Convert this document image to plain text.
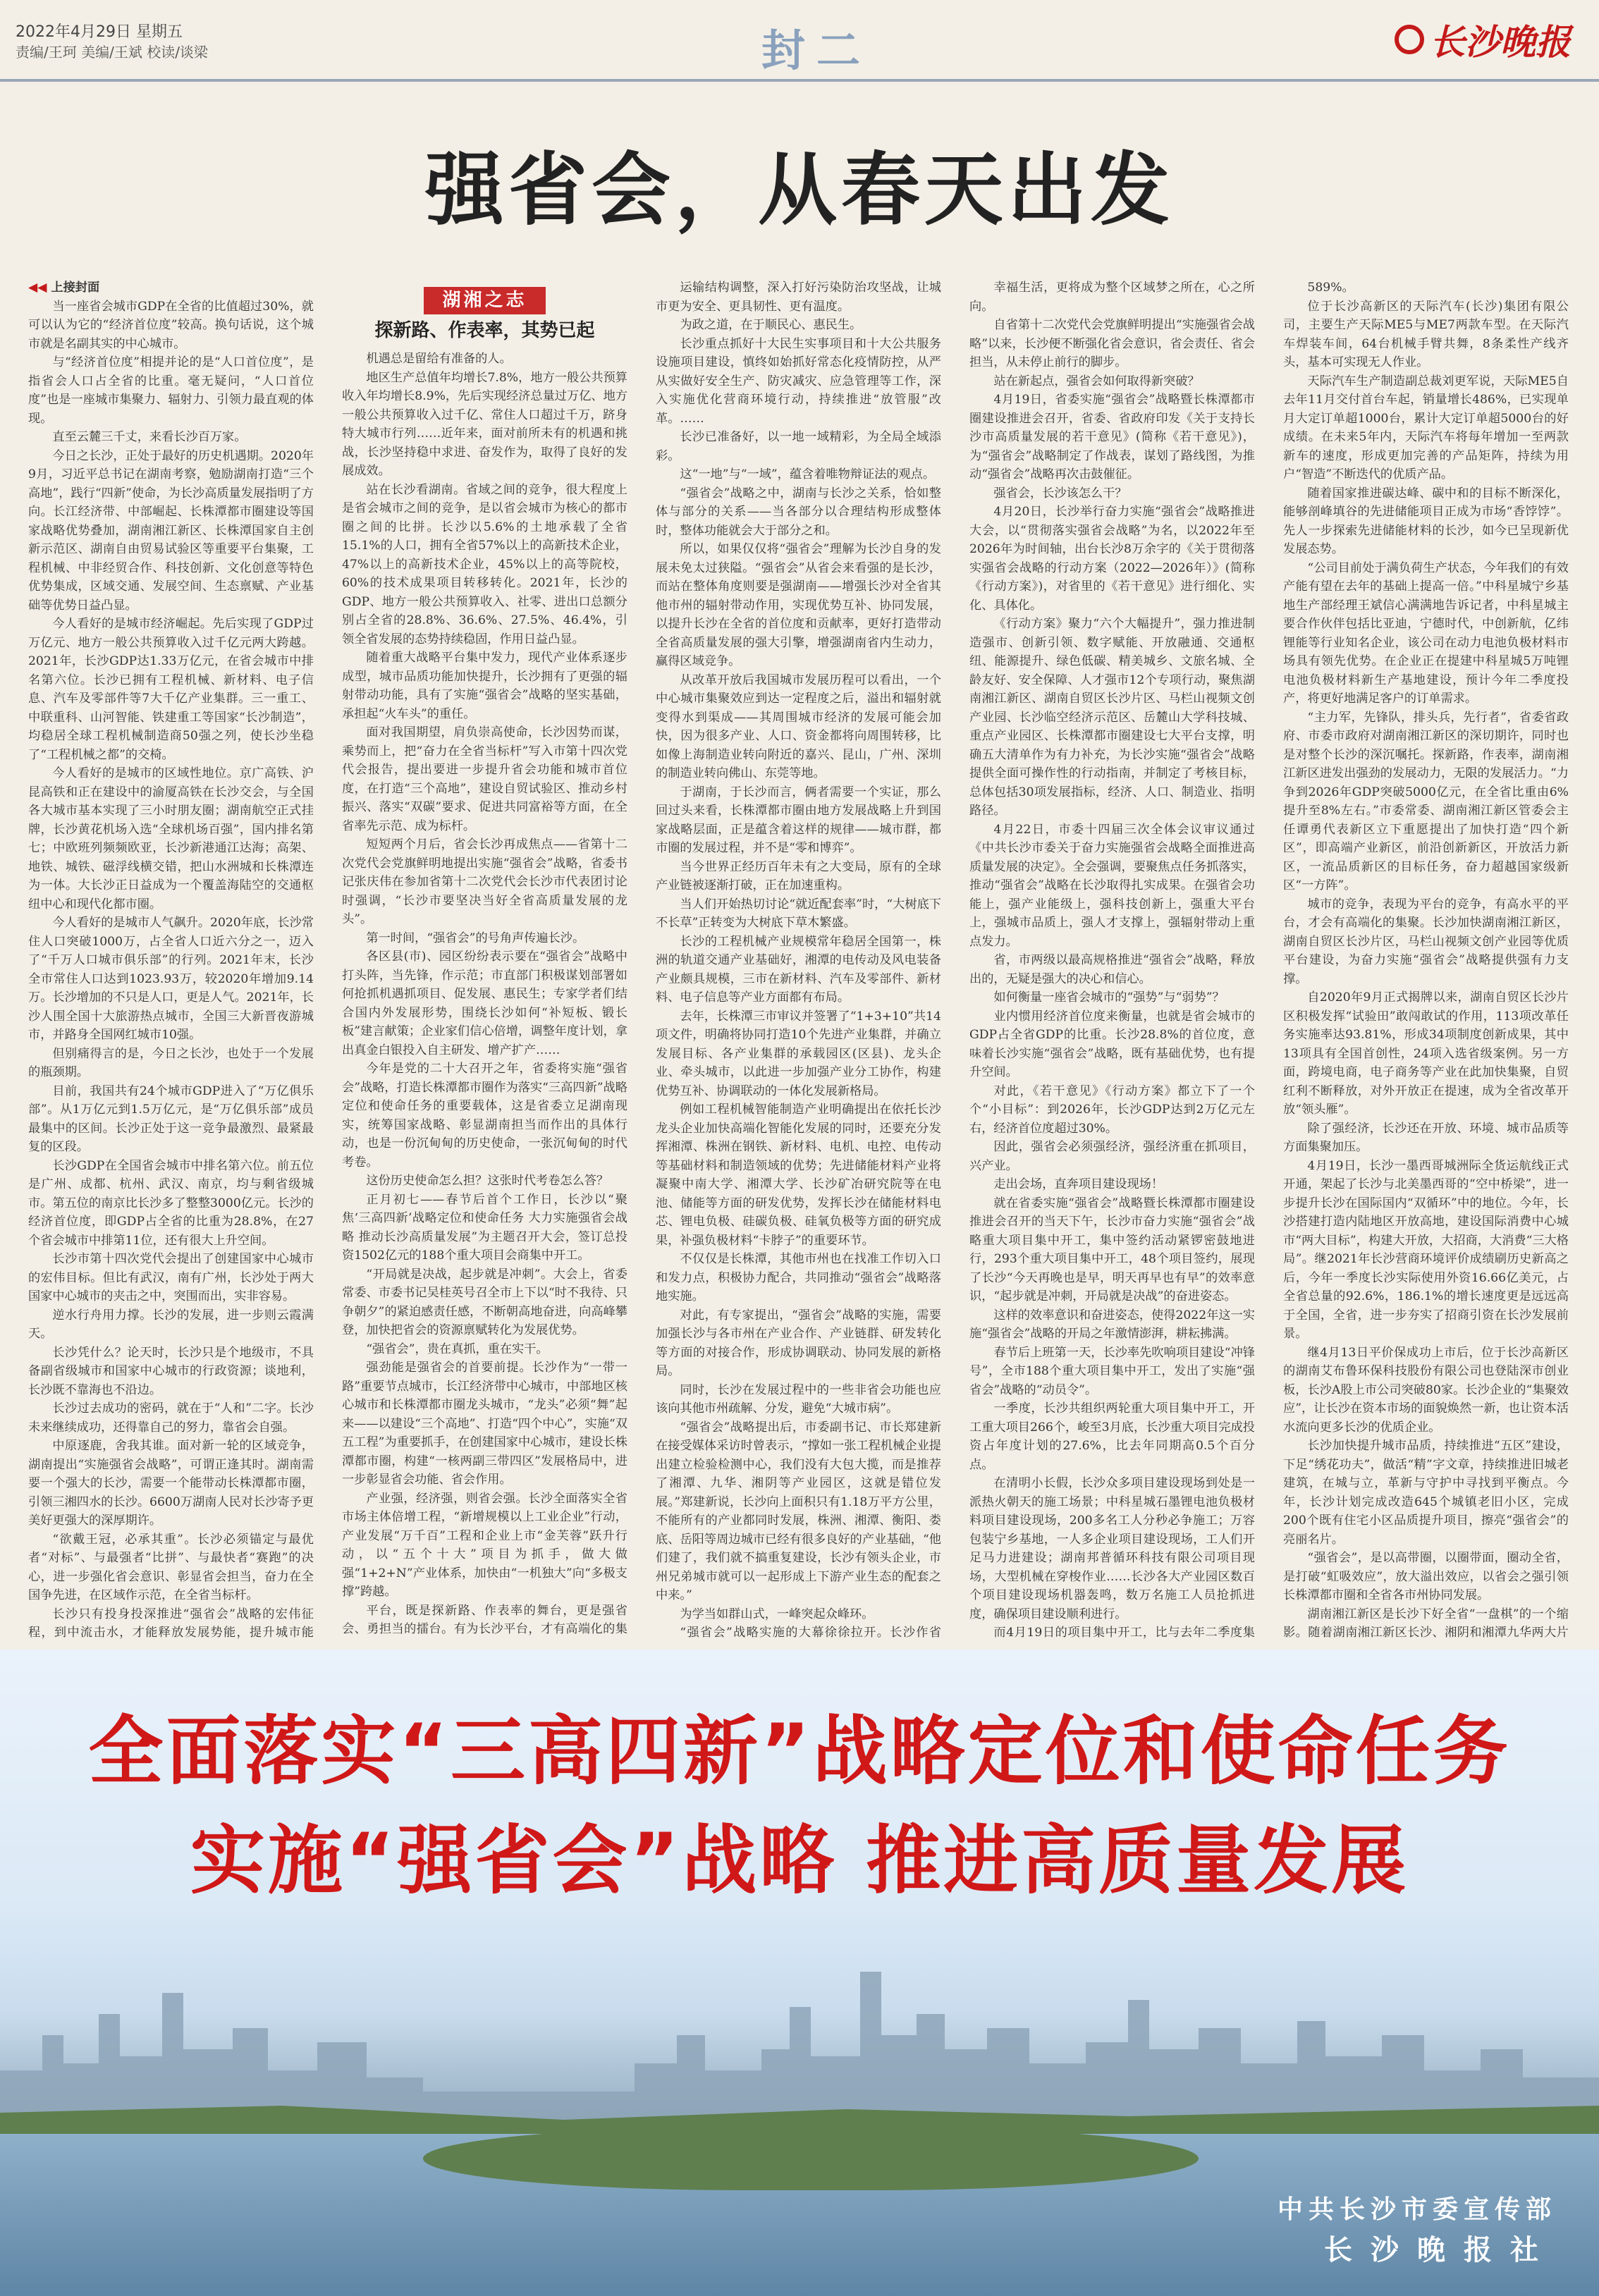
2022年4月29日 星期五
责编/王珂 美编/王斌 校读/谈梁	封二	长沙晚报
强省会，从春天出发

◀◀ 上接封面

当一座省会城市GDP在全省的比值超过30%，就可以认为它的“经济首位度”较高。换句话说，这个城市就是名副其实的中心城市。

与“经济首位度”相提并论的是“人口首位度”，是指省会人口占全省的比重。毫无疑问，“人口首位度”也是一座城市集聚力、辐射力、引领力最直观的体现。

直至云麓三千丈，来看长沙百万家。

今日之长沙，正处于最好的历史机遇期。2020年9月，习近平总书记在湖南考察，勉励湖南打造“三个高地”，践行“四新”使命，为长沙高质量发展指明了方向。长江经济带、中部崛起、长株潭都市圈建设等国家战略优势叠加，湖南湘江新区、长株潭国家自主创新示范区、湖南自由贸易试验区等重要平台集聚，工程机械、中非经贸合作、科技创新、文化创意等特色优势集成，区域交通、发展空间、生态禀赋、产业基础等优势日益凸显。

今人看好的是城市经济崛起。先后实现了GDP过万亿元、地方一般公共预算收入过千亿元两大跨越。2021年，长沙GDP达1.33万亿元，在省会城市中排名第六位。长沙已拥有工程机械、新材料、电子信息、汽车及零部件等7大千亿产业集群。三一重工、中联重科、山河智能、铁建重工等国家“长沙制造”，均稳居全球工程机械制造商50强之列，使长沙坐稳了“工程机械之都”的交椅。

今人看好的是城市的区域性地位。京广高铁、沪昆高铁和正在建设中的渝厦高铁在长沙交会，与全国各大城市基本实现了三小时朋友圈；湖南航空正式挂牌，长沙黄花机场入选“全球机场百强”，国内排名第七；中欧班列频频欧亚，长沙新港通江达海；高架、地铁、城铁、磁浮线横交错，把山水洲城和长株潭连为一体。大长沙正日益成为一个覆盖海陆空的交通枢纽中心和现代化都市圈。

今人看好的是城市人气飙升。2020年底，长沙常住人口突破1000万，占全省人口近六分之一，迈入了“千万人口城市俱乐部”的行列。2021年末，长沙全市常住人口达到1023.93万，较2020年增加9.14万。长沙增加的不只是人口，更是人气。2021年，长沙人围全国十大旅游热点城市，全国三大新晋夜游城市，并路身全国网红城市10强。

但别痛得言的是，今日之长沙，也处于一个发展的瓶颈期。

目前，我国共有24个城市GDP进入了“万亿俱乐部”。从1万亿元到1.5万亿元，是“万亿俱乐部”成员最集中的区间。长沙正处于这一竞争最激烈、最紧最复的区段。

长沙GDP在全国省会城市中排名第六位。前五位是广州、成都、杭州、武汉、南京，均与剩省级城市。第五位的南京比长沙多了整整3000亿元。长沙的经济首位度，即GDP占全省的比重为28.8%，在27个省会城市中排第11位，还有很大上升空间。

长沙市第十四次党代会提出了创建国家中心城市的宏伟目标。但比有武汉，南有广州，长沙处于两大国家中心城市的夹击之中，突围而出，实非容易。

逆水行舟用力撑。长沙的发展，进一步则云霞满天。

长沙凭什么？论天时，长沙只是个地级市，不具备副省级城市和国家中心城市的行政资源；谈地利，长沙既不靠海也不沿边。

长沙过去成功的密码，就在于“人和”二字。长沙未来继续成功，还得靠自己的努力，靠省会自强。

中原逐鹿，舍我其谁。面对新一轮的区域竞争，湖南提出“实施强省会战略”，可谓正逢其时。湖南需要一个强大的长沙，需要一个能带动长株潭都市圈，引领三湘四水的长沙。6600万湖南人民对长沙寄予更美好更强大的深厚期许。

“欲戴王冠，必承其重”。长沙必须锚定与最优者“对标”、与最强者“比拼”、与最快者“赛跑”的决心，进一步强化省会意识、彰显省会担当，奋力在全国争先进，在区域作示范，在全省当标杆。

长沙只有投身投深推进“强省会”战略的宏伟征程，到中流击水，才能释放发展势能，提升城市能

湖湘之志
探新路、作表率，其势已起

机遇总是留给有准备的人。

地区生产总值年均增长7.8%，地方一般公共预算收入年均增长8.9%，先后实现经济总量过万亿、地方一般公共预算收入过千亿、常住人口超过千万，跻身特大城市行列……近年来，面对前所未有的机遇和挑战，长沙坚持稳中求进、奋发作为，取得了良好的发展成效。

站在长沙看湖南。省域之间的竞争，很大程度上是省会城市之间的竞争，是以省会城市为核心的都市圈之间的比拼。长沙以5.6%的土地承载了全省15.1%的人口，拥有全省57%以上的高新技术企业，47%以上的高新技术企业，45%以上的高等院校，60%的技术成果项目转移转化。2021年，长沙的GDP、地方一般公共预算收入、社零、进出口总额分别占全省的28.8%、36.6%、27.5%、46.4%，引领全省发展的态势持续稳固，作用日益凸显。

随着重大战略平台集中发力，现代产业体系逐步成型，城市品质功能加快提升，长沙拥有了更强的辐射带动功能，具有了实施“强省会”战略的坚实基础，承担起“火车头”的重任。

面对我国期望，肩负崇高使命，长沙因势而谋，乘势而上，把“奋力在全省当标杆”写入市第十四次党代会报告，提出要进一步提升省会功能和城市首位度，在打造“三个高地”，建设自贸试验区、推动乡村振兴、落实“双碳”要求、促进共同富裕等方面，在全省率先示范、成为标杆。

短短两个月后，省会长沙再成焦点——省第十二次党代会党旗鲜明地提出实施“强省会”战略，省委书记张庆伟在参加省第十二次党代会长沙市代表团讨论时强调，“长沙市要坚决当好全省高质量发展的龙头”。

第一时间，“强省会”的号角声传遍长沙。

各区县(市)、园区纷纷表示要在“强省会”战略中打头阵，当先锋，作示范；市直部门积极谋划部署如何抢抓机遇抓项目、促发展、惠民生；专家学者们结合国内外发展形势，围绕长沙如何“补短板、锻长板”建言献策；企业家们信心倍增，调整年度计划，拿出真金白银投入自主研发、增产扩产……

今年是党的二十大召开之年，省委将实施“强省会”战略，打造长株潭都市圈作为落实“三高四新”战略定位和使命任务的重要载体，这是省委立足湖南现实，统筹国家战略、彰显湖南担当而作出的具体行动，也是一份沉甸甸的历史使命，一张沉甸甸的时代考卷。

这份历史使命怎么担？这张时代考卷怎么答？

正月初七——春节后首个工作日，长沙以“聚焦‘三高四新’战略定位和使命任务 大力实施强省会战略 推动长沙高质量发展”为主题召开大会，签订总投资1502亿元的188个重大项目会商集中开工。

“开局就是决战，起步就是冲刺”。大会上，省委常委、市委书记吴桂英号召全市上下以“时不我待、只争朝夕”的紧迫感责任感，不断朝高地奋进，向高峰攀登，加快把省会的资源禀赋转化为发展优势。

“强省会”，贵在真抓，重在实干。

强劲能是强省会的首要前提。长沙作为“一带一路”重要节点城市，长江经济带中心城市，中部地区核心城市和长株潭都市圈龙头城市，“龙头”必须“舞”起来——以建设“三个高地”、打造“四个中心”，实施“双五工程”为重要抓手，在创建国家中心城市，建设长株潭都市圈，构建“一核两副三带四区”发展格局中，进一步彰显省会功能、省会作用。

产业强，经济强，则省会强。长沙全面落实全省市场主体倍增工程，“新增规模以上工业企业”行动，产业发展“万千百”工程和企业上市“金芙蓉”跃升行动，以“五个十大”项目为抓手，做大做强“1+2+N”产业体系，加快由“一机独大”向“多极支撑”跨越。

平台，既是探新路、作表率的舞台，更是强省会、勇担当的擂台。有为长沙平台，才有高端化的集

运输结构调整，深入打好污染防治攻坚战，让城市更为安全、更具韧性、更有温度。

为政之道，在于顺民心、惠民生。

长沙重点抓好十大民生实事项目和十大公共服务设施项目建设，慎终如始抓好常态化疫情防控，从严从实做好安全生产、防灾减灾、应急管理等工作，深入实施优化营商环境行动，持续推进“放管服”改革。……

长沙已准备好，以一地一域精彩，为全局全域添彩。

这“一地”与“一域”，蕴含着唯物辩证法的观点。

“强省会”战略之中，湖南与长沙之关系，恰如整体与部分的关系——当各部分以合理结构形成整体时，整体功能就会大于部分之和。

所以，如果仅仅将“强省会”理解为长沙自身的发展未免太过狭隘。“强省会”从省会来看强的是长沙，而站在整体角度则要是强湖南——增强长沙对全省其他市州的辐射带动作用，实现优势互补、协同发展，以提升长沙在全省的首位度和贡献率，更好打造带动全省高质量发展的强大引擎，增强湖南省内生动力，赢得区域竞争。

从改革开放后我国城市发展历程可以看出，一个中心城市集聚效应到达一定程度之后，溢出和辐射就变得水到渠成——其周围城市经济的发展可能会加快，因为很多产业、人口、资金都将向周围转移，比如像上海制造业转向附近的嘉兴、昆山，广州、深圳的制造业转向佛山、东莞等地。

于湖南，于长沙而言，俩者需要一个实证，那么回过头来看，长株潭都市圈由地方发展战略上升到国家战略层面，正是蕴含着这样的规律——城市群，都市圈的发展过程，并不是“零和博弈”。

当今世界正经历百年未有之大变局，原有的全球产业链被逐渐打破，正在加速重构。

当人们开始热切讨论“就近配套率”时，“大树底下不长草”正转变为大树底下草木繁盛。

长沙的工程机械产业规模常年稳居全国第一，株洲的轨道交通产业基础好，湘潭的电传动及风电装备产业颇具规模，三市在新材料、汽车及零部件、新材料、电子信息等产业方面都有布局。

去年，长株潭三市审议并签署了“1+3+10”共14项文件，明确将协同打造10个先进产业集群，并确立发展目标、各产业集群的承载园区(区县)、龙头企业、牵头城市，以此进一步加强产业分工协作，构建优势互补、协调联动的一体化发展新格局。

例如工程机械智能制造产业明确提出在依托长沙龙头企业加快高端化智能化发展的同时，还要充分发挥湘潭、株洲在钢铁、新材料、电机、电控、电传动等基础材料和制造领域的优势；先进储能材料产业将凝聚中南大学、湘潭大学、长沙矿冶研究院等在电池、储能等方面的研发优势，发挥长沙在储能材料电芯、锂电负极、硅碳负极、硅氧负极等方面的研究成果，补强负极材料“卡脖子”的重要环节。

不仅仅是长株潭，其他市州也在找准工作切入口和发力点，积极协力配合，共同推动“强省会”战略落地实施。

对此，有专家提出，“强省会”战略的实施，需要加强长沙与各市州在产业合作、产业链群、研发转化等方面的对接合作，形成协调联动、协同发展的新格局。

同时，长沙在发展过程中的一些非省会功能也应该向其他市州疏解、分发，避免“大城市病”。

“强省会”战略提出后，市委副书记、市长郑建新在接受媒体采访时曾表示，“撑如一张工程机械企业提出建立检验检测中心，我们没有大包大揽，而是推荐了湘潭、九华、湘阴等产业园区，这就是错位发展。”郑建新说，长沙向上面积只有1.18万平方公里，不能所有的产业都同时发展，株洲、湘潭、衡阳、娄底、岳阳等周边城市已经有很多良好的产业基础，“他们建了，我们就不搞重复建设，长沙有领头企业，市州兄弟城市就可以一起形成上下游产业生态的配套之中来。”

为学当如群山式，一峰突起众峰环。

“强省会”战略实施的大幕徐徐拉开。长沙作省

幸福生活，更将成为整个区域梦之所在，心之所向。

自省第十二次党代会党旗鲜明提出“实施强省会战略”以来，长沙便不断强化省会意识，省会责任、省会担当，从未停止前行的脚步。

站在新起点，强省会如何取得新突破？

4月19日，省委实施“强省会”战略暨长株潭都市圈建设推进会召开，省委、省政府印发《关于支持长沙市高质量发展的若干意见》(简称《若干意见》)，为“强省会”战略制定了作战表，谋划了路线图，为推动“强省会”战略再次击鼓催征。

强省会，长沙该怎么干？

4月20日，长沙举行奋力实施“强省会”战略推进大会，以“贯彻落实强省会战略”为名，以2022年至2026年为时间轴，出台长沙8万余字的《关于贯彻落实强省会战略的行动方案（2022—2026年）》(简称《行动方案》)，对省里的《若干意见》进行细化、实化、具体化。

《行动方案》聚力“六个大幅提升”，强力推进制造强市、创新引领、数字赋能、开放融通、交通枢纽、能源提升、绿色低碳、精美城乡、文旅名城、全龄友好、安全保障、人才强市12个专项行动，聚焦湖南湘江新区、湖南自贸区长沙片区、马栏山视频文创产业园、长沙临空经济示范区、岳麓山大学科技城、重点产业园区、长株潭都市圈建设七大平台支撑，明确五大清单作为有力补充，为长沙实施“强省会”战略提供全面可操作性的行动指南，并制定了考核目标，总体包括30项发展指标，经济、人口、制造业、指明路径。

4月22日，市委十四届三次全体会议审议通过《中共长沙市委关于奋力实施强省会战略全面推进高质量发展的决定》。全会强调，要聚焦点任务抓落实，推动“强省会”战略在长沙取得扎实成果。在强省会功能上，强产业能级上，强科技创新上，强重大平台上，强城市品质上，强人才支撑上，强辐射带动上重点发力。

省，市两级以最高规格推进“强省会”战略，释放出的，无疑是强大的决心和信心。

如何衡量一座省会城市的“强势”与“弱势”？

业内惯用经济首位度来衡量，也就是省会城市的GDP占全省GDP的比重。长沙28.8%的首位度，意味着长沙实施“强省会”战略，既有基础优势，也有提升空间。

对此，《若干意见》《行动方案》都立下了一个个“小目标”：到2026年，长沙GDP达到2万亿元左右，经济首位度超过30%。

因此，强省会必须强经济，强经济重在抓项目，兴产业。

走出会场，直奔项目建设现场！

就在省委实施“强省会”战略暨长株潭都市圈建设推进会召开的当天下午，长沙市奋力实施“强省会”战略重大项目集中开工，集中签约活动紧锣密鼓地进行，293个重大项目集中开工，48个项目签约，展现了长沙“今天再晚也是早，明天再早也有早”的效率意识，“起步就是冲刺，开局就是决战”的奋进姿态。

这样的效率意识和奋进姿态，使得2022年这一实施“强省会”战略的开局之年激情澎湃，耕耘拂满。

春节后上班第一天，长沙率先吹响项目建设“冲锋号”，全市188个重大项目集中开工，发出了实施“强省会”战略的“动员令”。

一季度，长沙共组织两轮重大项目集中开工，开工重大项目266个，峻至3月底，长沙重大项目完成投资占年度计划的27.6%，比去年同期高0.5个百分点。

在清明小长假，长沙众多项目建设现场到处是一派热火朝天的施工场景；中科星城石墨锂电池负极材料项目建设现场，200多名工人分秒必争施工；万容包装宁乡基地，一人多企业项目建设现场，工人们开足马力进建设；湖南邦普循环科技有限公司项目现场，大型机械在穿梭作业……长沙各大产业园区数百个项目建设现场机器轰鸣，数万名施工人员抢抓进度，确保项目建设顺利进行。

而4月19日的项目集中开工，比与去年二季度集

589%。

位于长沙高新区的天际汽车(长沙)集团有限公司，主要生产天际ME5与ME7两款车型。在天际汽车焊装车间，64台机械手臂共舞，8条柔性产线齐头，基本可实现无人作业。

天际汽车生产制造副总裁刘更军说，天际ME5自去年11月交付首台车起，销量增长486%，已实现单月大定订单超1000台，累计大定订单超5000台的好成绩。在未来5年内，天际汽车将每年增加一至两款新车的速度，形成更加完善的产品矩阵，持续为用户“智造”不断迭代的优质产品。

随着国家推进碳达峰、碳中和的目标不断深化，能够剖峰填谷的先进储能项目正成为市场“香饽饽”。先人一步探索先进储能材料的长沙，如今已呈现新优发展态势。

“公司目前处于满负荷生产状态，今年我们的有效产能有望在去年的基础上提高一倍。”中科星城宁乡基地生产部经理王斌信心满满地告诉记者，中科星城主要合作伙伴包括比亚迪，宁德时代，中创新航，亿纬锂能等行业知名企业，该公司在动力电池负极材料市场具有领先优势。在企业正在提建中科星城5万吨锂电池负极材料新生产基地建设，预计今年二季度投产，将更好地满足客户的订单需求。

“主力军，先锋队，排头兵，先行者”，省委省政府、市委市政府对湖南湘江新区的深切期许，同时也是对整个长沙的深沉嘱托。探新路，作表率，湖南湘江新区进发出强劲的发展动力，无限的发展活力。“力争到2026年GDP突破5000亿元，在全省比重由6%提升至8%左右。”市委常委、湖南湘江新区管委会主任谭勇代表新区立下重愿提出了加快打造“四个新区”，即高端产业新区，前沿创新新区，开放活力新区，一流品质新区的目标任务，奋力超越国家级新区“一方阵”。

城市的竞争，表现为平台的竞争，有高水平的平台，才会有高端化的集聚。长沙加快湖南湘江新区，湖南自贸区长沙片区，马栏山视频文创产业园等优质平台建设，为奋力实施“强省会”战略提供强有力支撑。

自2020年9月正式揭牌以来，湖南自贸区长沙片区积极发挥“试验田”敢闯敢试的作用，113项改革任务实施率达93.81%，形成34项制度创新成果，其中13项具有全国首创性，24项入选省级案例。另一方面，跨境电商，电子商务等产业在此加快集聚，自贸红利不断释放，对外开放正在提速，成为全省改革开放“领头雁”。

除了强经济，长沙还在开放、环境、城市品质等方面集聚加压。

4月19日，长沙一墨西哥城洲际全货运航线正式开通，架起了长沙与北美墨西哥的“空中桥梁”，进一步提升长沙在国际国内“双循环”中的地位。今年，长沙搭建打造内陆地区开放高地，建设国际消费中心城市“两大目标”，构建大开放，大招商，大消费“三大格局”。继2021年长沙营商环境评价成绩刷历史新高之后，今年一季度长沙实际使用外资16.66亿美元，占全省总量的92.6%，186.1%的增长速度更是远远高于全国，全省，进一步夯实了招商引资在长沙发展前景。

继4月13日平价保成功上市后，位于长沙高新区的湖南艾布鲁环保科技股份有限公司也登陆深市创业板，长沙A股上市公司突破80家。长沙企业的“集聚效应”，让长沙在资本市场的面貌焕然一新，也让资本活水流向更多长沙的优质企业。

长沙加快提升城市品质，持续推进“五区”建设，下足“绣花功夫”，做活“精”字文章，持续推进旧城老建筑，在城与立，革新与守护中寻找到平衡点。今年，长沙计划完成改造645个城镇老旧小区，完成200个既有住宅小区品质提升项目，擦亮“强省会”的亮丽名片。

“强省会”，是以高带圈，以圈带面，圈动全省，是打破“虹吸效应”，放大溢出效应，以省会之强引领长株潭都市圈和全省各市州协同发展。

湖南湘江新区是长沙下好全省“一盘棋”的一个缩影。随着湖南湘江新区长沙、湘阴和湘潭九华两大片

全面落实“三高四新”战略定位和使命任务
实施“强省会”战略 推进高质量发展
中共长沙市委宣传部
长沙晚报社
